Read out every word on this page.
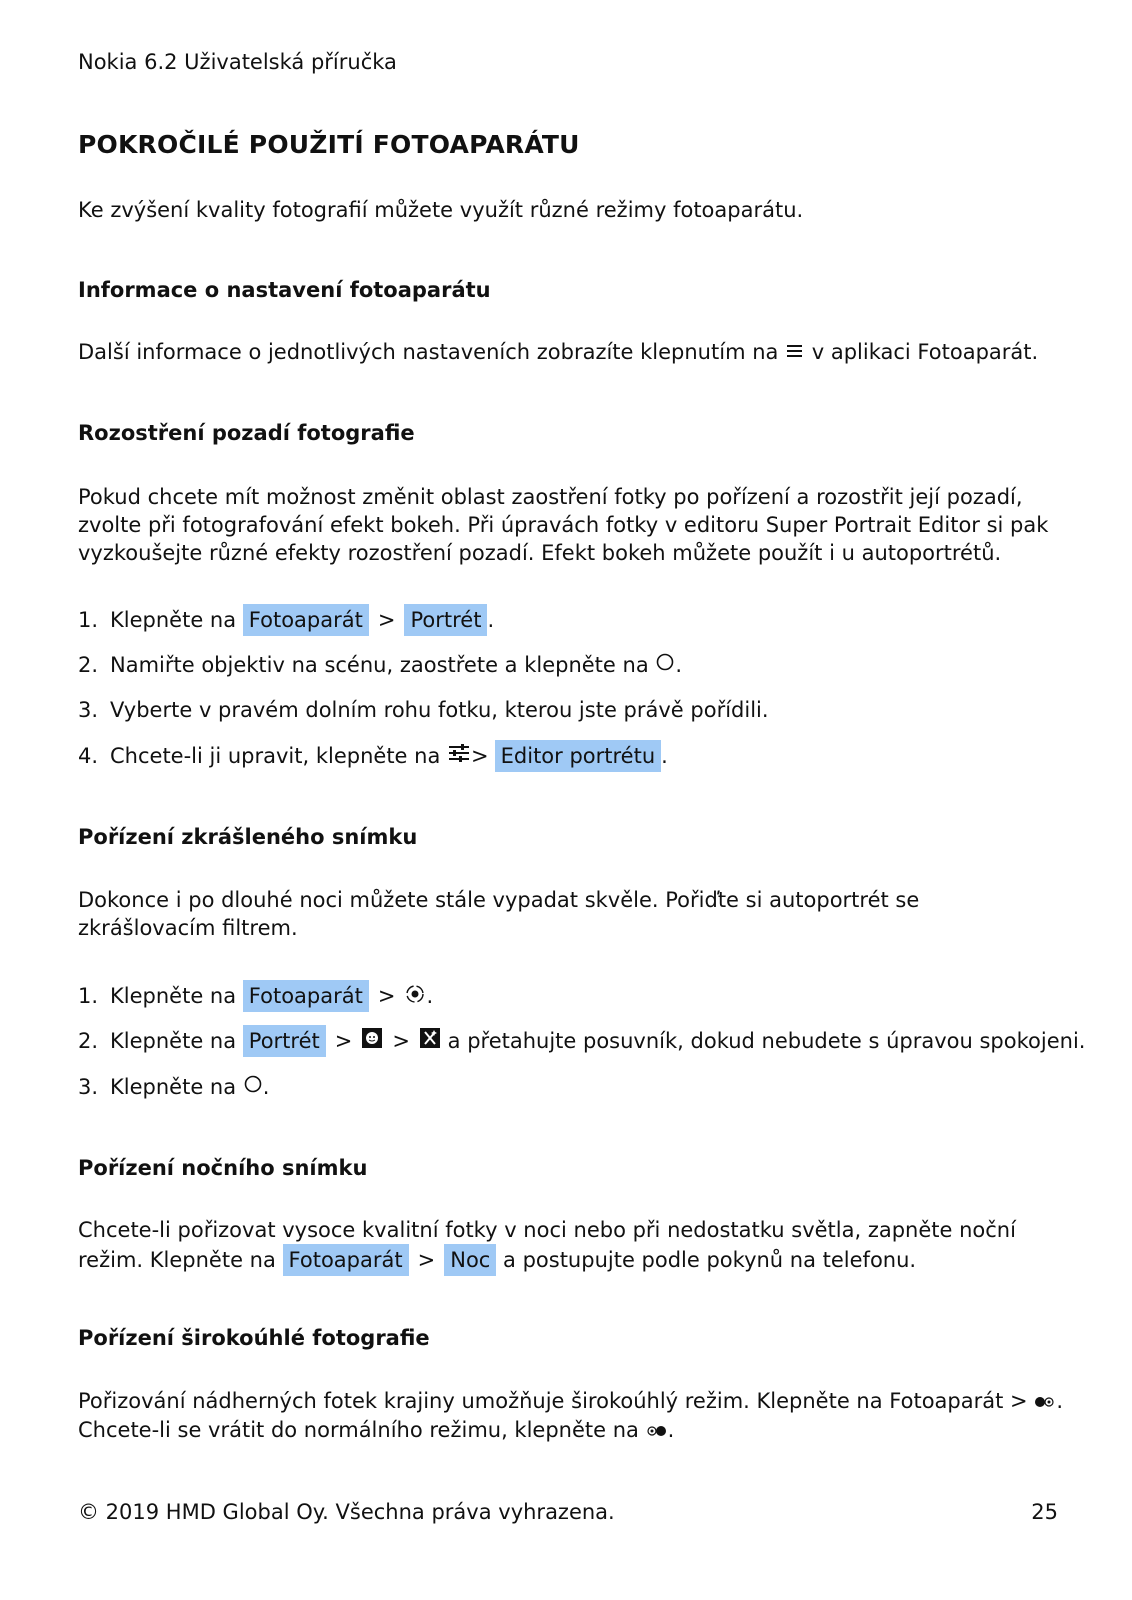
Nokia 6.2 Uživatelská příručka
POKROČILÉ POUŽITÍ FOTOAPARÁTU

Ke zvýšení kvality fotografií můžete využít různé režimy fotoaparátu.

Informace o nastavení fotoaparátu

Další informace o jednotlivých nastaveních zobrazíte klepnutím na v aplikaci Fotoaparát.

Rozostření pozadí fotografie

Pokud chcete mít možnost změnit oblast zaostření fotky po pořízení a rozostřit její pozadí, zvolte při fotografování efekt bokeh. Při úpravách fotky v editoru Super Portrait Editor si pak vyzkoušejte různé efekty rozostření pozadí. Efekt bokeh můžete použít i u autoportrétů.

1. Klepněte na Fotoaparát > Portrét .
2. Namiřte objektiv na scénu, zaostřete a klepněte na .
3. Vyberte v pravém dolním rohu fotku, kterou jste právě pořídili.
4. Chcete-li ji upravit, klepněte na > Editor portrétu .
Pořízení zkrášleného snímku

Dokonce i po dlouhé noci můžete stále vypadat skvěle. Pořiďte si autoportrét se zkrášlovacím filtrem.

1. Klepněte na Fotoaparát > .
2. Klepněte na Portrét > > a přetahujte posuvník, dokud nebudete s úpravou spokojeni.
3. Klepněte na .
Pořízení nočního snímku
Chcete-li pořizovat vysoce kvalitní fotky v noci nebo při nedostatku světla, zapněte noční
režim. Klepněte na Fotoaparát > Noc a postupujte podle pokynů na telefonu.
Pořízení širokoúhlé fotografie
Pořizování nádherných fotek krajiny umožňuje širokoúhlý režim. Klepněte na Fotoaparát > .
Chcete-li se vrátit do normálního režimu, klepněte na .
© 2019 HMD Global Oy. Všechna práva vyhrazena.	25
